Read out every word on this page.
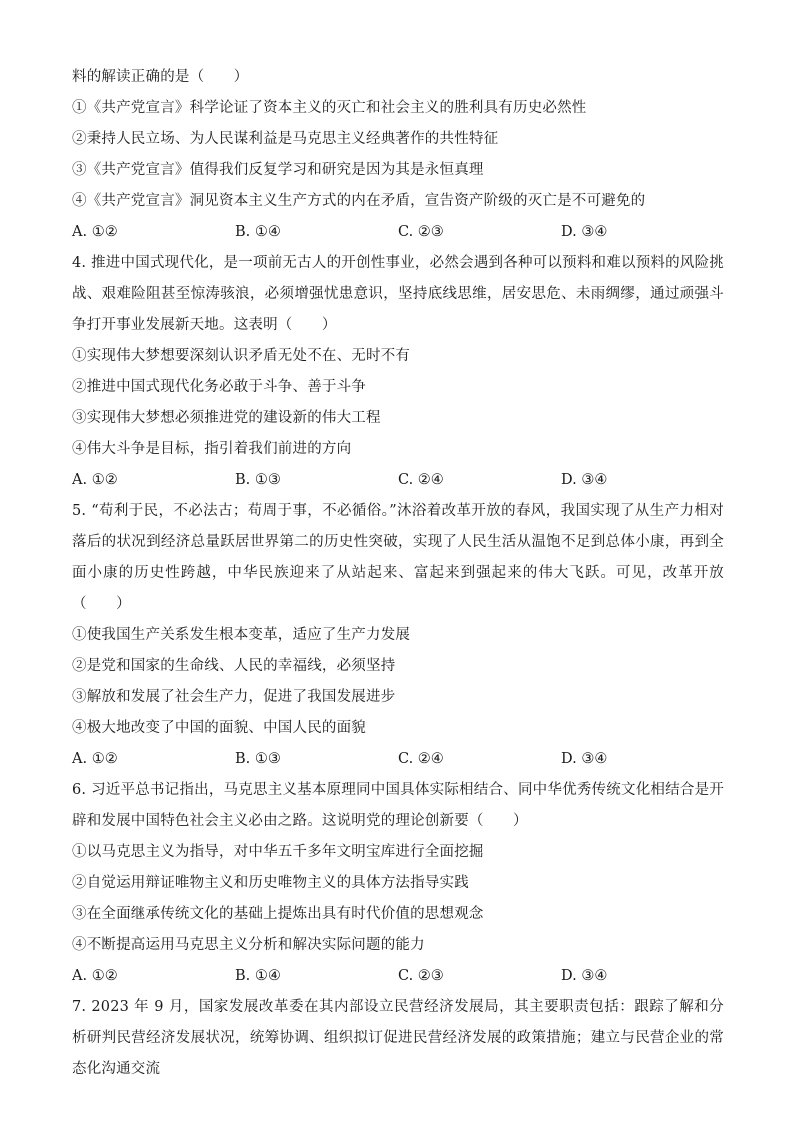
料的解读正确的是（　　）
①《共产党宣言》科学论证了资本主义的灭亡和社会主义的胜利具有历史必然性
②秉持人民立场、为人民谋利益是马克思主义经典著作的共性特征
③《共产党宣言》值得我们反复学习和研究是因为其是永恒真理
④《共产党宣言》洞见资本主义生产方式的内在矛盾，宣告资产阶级的灭亡是不可避免的
A. ①②	B. ①④	C. ②③	D. ③④
4. 推进中国式现代化，是一项前无古人的开创性事业，必然会遇到各种可以预料和难以预料的风险挑战、艰难险阻甚至惊涛骇浪，必须增强忧患意识，坚持底线思维，居安思危、未雨绸缪，通过顽强斗争打开事业发展新天地。这表明（　　）
①实现伟大梦想要深刻认识矛盾无处不在、无时不有
②推进中国式现代化务必敢于斗争、善于斗争
③实现伟大梦想必须推进党的建设新的伟大工程
④伟大斗争是目标，指引着我们前进的方向
A. ①②	B. ①③	C. ②④	D. ③④
5. “苟利于民，不必法古；苟周于事，不必循俗。”沐浴着改革开放的春风，我国实现了从生产力相对落后的状况到经济总量跃居世界第二的历史性突破，实现了人民生活从温饱不足到总体小康，再到全面小康的历史性跨越，中华民族迎来了从站起来、富起来到强起来的伟大飞跃。可见，改革开放（　　）
①使我国生产关系发生根本变革，适应了生产力发展
②是党和国家的生命线、人民的幸福线，必须坚持
③解放和发展了社会生产力，促进了我国发展进步
④极大地改变了中国的面貌、中国人民的面貌
A. ①②	B. ①③	C. ②④	D. ③④
6. 习近平总书记指出，马克思主义基本原理同中国具体实际相结合、同中华优秀传统文化相结合是开辟和发展中国特色社会主义必由之路。这说明党的理论创新要（　　）
①以马克思主义为指导，对中华五千多年文明宝库进行全面挖掘
②自觉运用辩证唯物主义和历史唯物主义的具体方法指导实践
③在全面继承传统文化的基础上提炼出具有时代价值的思想观念
④不断提高运用马克思主义分析和解决实际问题的能力
A. ①②	B. ①④	C. ②③	D. ③④
7. 2023 年 9 月，国家发展改革委在其内部设立民营经济发展局，其主要职责包括：跟踪了解和分析研判民营经济发展状况，统筹协调、组织拟订促进民营经济发展的政策措施；建立与民营企业的常态化沟通交流
